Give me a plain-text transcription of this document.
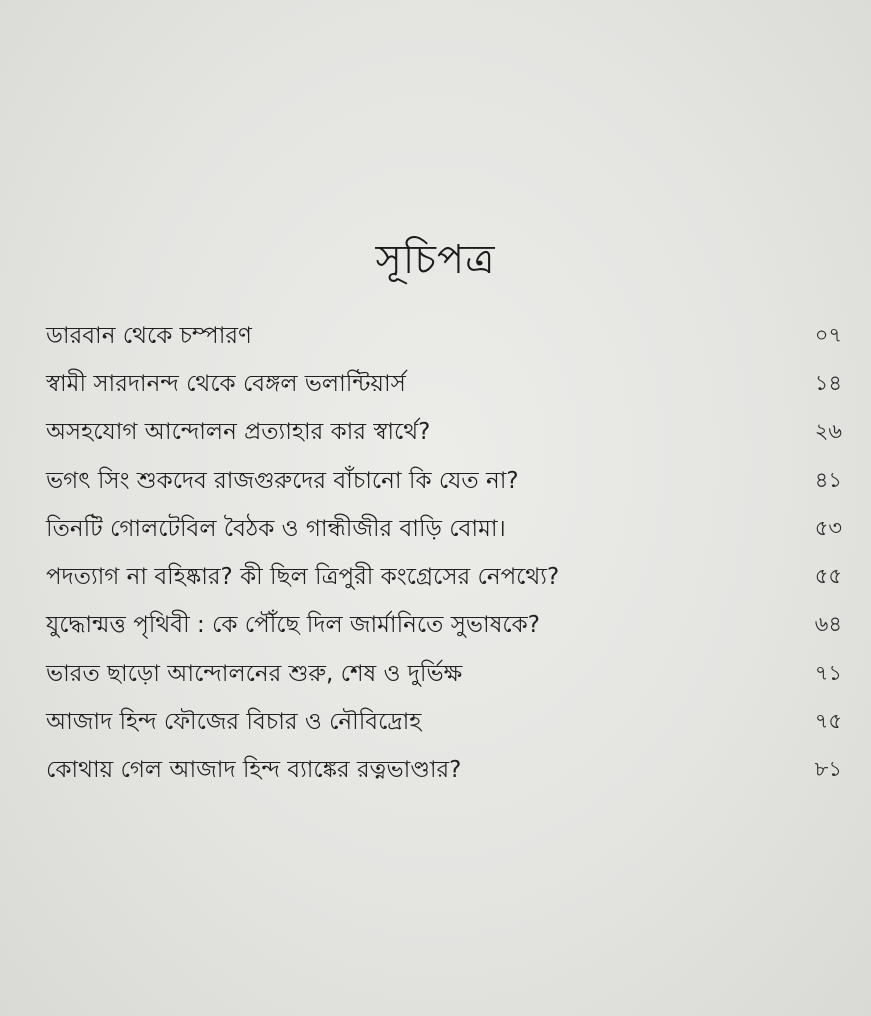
সূচিপত্র
ডারবান থেকে চম্পারণ	০৭
স্বামী সারদানন্দ থেকে বেঙ্গল ভলান্টিয়ার্স	১৪
অসহযোগ আন্দোলন প্রত্যাহার কার স্বার্থে?	২৬
ভগৎ সিং শুকদেব রাজগুরুদের বাঁচানো কি যেত না?	৪১
তিনটি গোলটেবিল বৈঠক ও গান্ধীজীর বাড়ি বোমা।	৫৩
পদত্যাগ না বহিষ্কার? কী ছিল ত্রিপুরী কংগ্রেসের নেপথ্যে?	৫৫
যুদ্ধোন্মত্ত পৃথিবী : কে পৌঁছে দিল জার্মানিতে সুভাষকে?	৬৪
ভারত ছাড়ো আন্দোলনের শুরু, শেষ ও দুর্ভিক্ষ	৭১
আজাদ হিন্দ ফৌজের বিচার ও নৌবিদ্রোহ	৭৫
কোথায় গেল আজাদ হিন্দ ব্যাঙ্কের রত্নভাণ্ডার?	৮১
